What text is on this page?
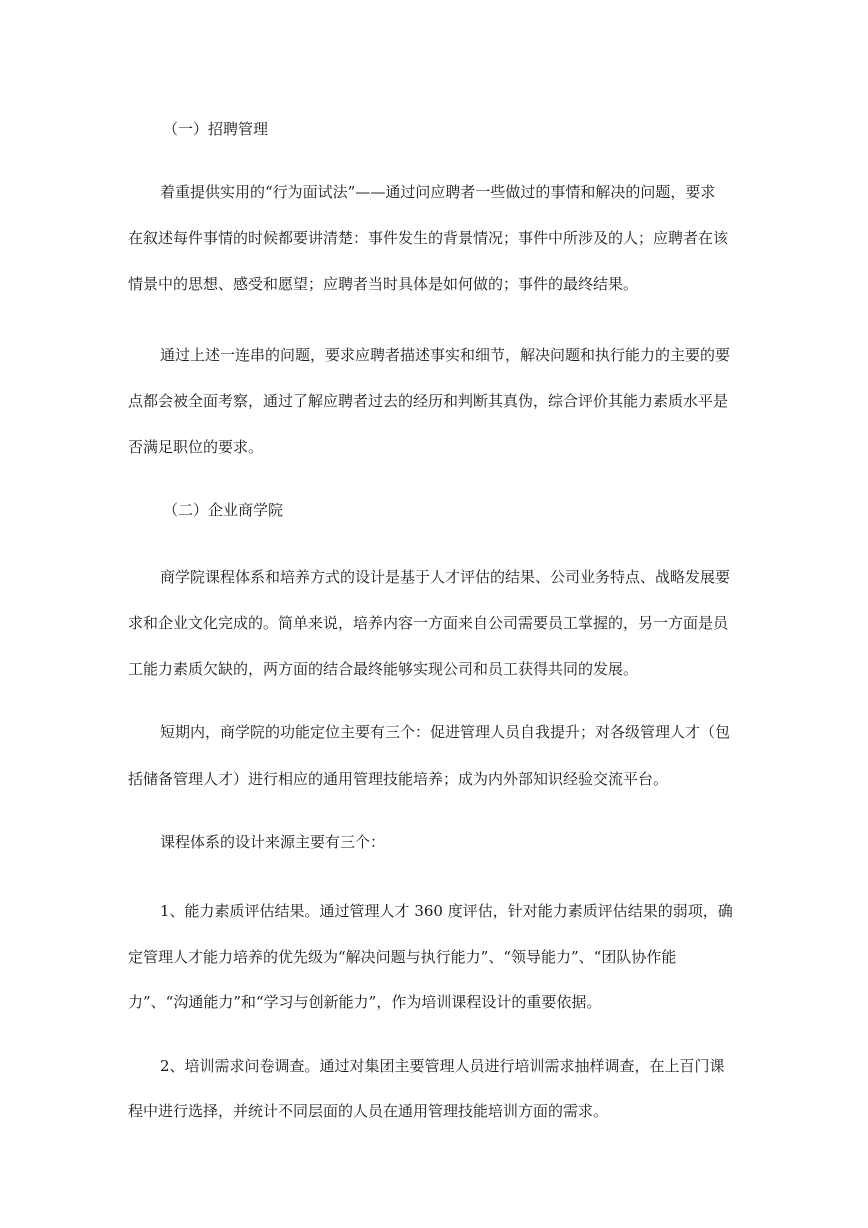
（一）招聘管理
着重提供实用的“行为面试法”——通过问应聘者一些做过的事情和解决的问题，要求
在叙述每件事情的时候都要讲清楚：事件发生的背景情况；事件中所涉及的人；应聘者在该
情景中的思想、感受和愿望；应聘者当时具体是如何做的；事件的最终结果。
通过上述一连串的问题，要求应聘者描述事实和细节，解决问题和执行能力的主要的要
点都会被全面考察，通过了解应聘者过去的经历和判断其真伪，综合评价其能力素质水平是
否满足职位的要求。
（二）企业商学院
商学院课程体系和培养方式的设计是基于人才评估的结果、公司业务特点、战略发展要
求和企业文化完成的。简单来说，培养内容一方面来自公司需要员工掌握的，另一方面是员
工能力素质欠缺的，两方面的结合最终能够实现公司和员工获得共同的发展。
短期内，商学院的功能定位主要有三个：促进管理人员自我提升；对各级管理人才（包
括储备管理人才）进行相应的通用管理技能培养；成为内外部知识经验交流平台。
课程体系的设计来源主要有三个：
1、能力素质评估结果。通过管理人才 360 度评估，针对能力素质评估结果的弱项，确
定管理人才能力培养的优先级为“解决问题与执行能力”、“领导能力”、“团队协作能
力”、“沟通能力”和“学习与创新能力”，作为培训课程设计的重要依据。
2、培训需求问卷调查。通过对集团主要管理人员进行培训需求抽样调查，在上百门课
程中进行选择，并统计不同层面的人员在通用管理技能培训方面的需求。
